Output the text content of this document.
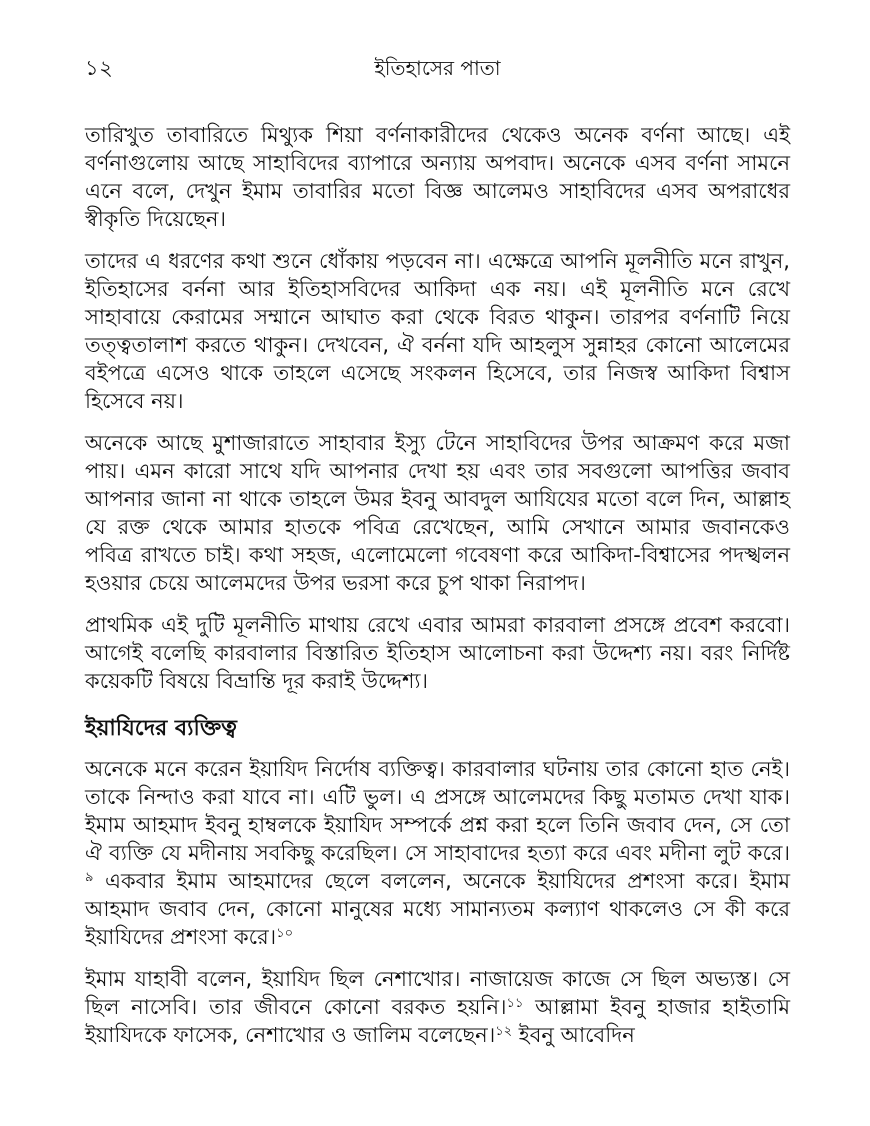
১২	ইতিহাসের পাতা

তারিখুত তাবারিতে মিথ্যুক শিয়া বর্ণনাকারীদের থেকেও অনেক বর্ণনা আছে। এই বর্ণনাগুলোয় আছে সাহাবিদের ব্যাপারে অন্যায় অপবাদ। অনেকে এসব বর্ণনা সামনে এনে বলে, দেখুন ইমাম তাবারির মতো বিজ্ঞ আলেমও সাহাবিদের এসব অপরাধের স্বীকৃতি দিয়েছেন।

তাদের এ ধরণের কথা শুনে ধোঁকায় পড়বেন না। এক্ষেত্রে আপনি মূলনীতি মনে রাখুন, ইতিহাসের বর্ননা আর ইতিহাসবিদের আকিদা এক নয়। এই মূলনীতি মনে রেখে সাহাবায়ে কেরামের সম্মানে আঘাত করা থেকে বিরত থাকুন। তারপর বর্ণনাটি নিয়ে তত্ত্বতালাশ করতে থাকুন। দেখবেন, ঐ বর্ননা যদি আহলুস সুন্নাহর কোনো আলেমের বইপত্রে এসেও থাকে তাহলে এসেছে সংকলন হিসেবে, তার নিজস্ব আকিদা বিশ্বাস হিসেবে নয়।

অনেকে আছে মুশাজারাতে সাহাবার ইস্যু টেনে সাহাবিদের উপর আক্রমণ করে মজা পায়। এমন কারো সাথে যদি আপনার দেখা হয় এবং তার সবগুলো আপত্তির জবাব আপনার জানা না থাকে তাহলে উমর ইবনু আবদুল আযিযের মতো বলে দিন, আল্লাহ যে রক্ত থেকে আমার হাতকে পবিত্র রেখেছেন, আমি সেখানে আমার জবানকেও পবিত্র রাখতে চাই। কথা সহজ, এলোমেলো গবেষণা করে আকিদা-বিশ্বাসের পদস্খলন হওয়ার চেয়ে আলেমদের উপর ভরসা করে চুপ থাকা নিরাপদ।

প্রাথমিক এই দুটি মূলনীতি মাথায় রেখে এবার আমরা কারবালা প্রসঙ্গে প্রবেশ করবো। আগেই বলেছি কারবালার বিস্তারিত ইতিহাস আলোচনা করা উদ্দেশ্য নয়। বরং নির্দিষ্ট কয়েকটি বিষয়ে বিভ্রান্তি দূর করাই উদ্দেশ্য।

ইয়াযিদের ব্যক্তিত্ব

অনেকে মনে করেন ইয়াযিদ নির্দোষ ব্যক্তিত্ব। কারবালার ঘটনায় তার কোনো হাত নেই। তাকে নিন্দাও করা যাবে না। এটি ভুল। এ প্রসঙ্গে আলেমদের কিছু মতামত দেখা যাক। ইমাম আহমাদ ইবনু হাম্বলকে ইয়াযিদ সম্পর্কে প্রশ্ন করা হলে তিনি জবাব দেন, সে তো ঐ ব্যক্তি যে মদীনায় সবকিছু করেছিল। সে সাহাবাদের হত্যা করে এবং মদীনা লুট করে।$^৯$ একবার ইমাম আহমাদের ছেলে বললেন, অনেকে ইয়াযিদের প্রশংসা করে। ইমাম আহমাদ জবাব দেন, কোনো মানুষের মধ্যে সামান্যতম কল্যাণ থাকলেও সে কী করে ইয়াযিদের প্রশংসা করে।$^{১০}$

ইমাম যাহাবী বলেন, ইয়াযিদ ছিল নেশাখোর। নাজায়েজ কাজে সে ছিল অভ্যস্ত। সে ছিল নাসেবি। তার জীবনে কোনো বরকত হয়নি।$^{১১}$ আল্লামা ইবনু হাজার হাইতামি ইয়াযিদকে ফাসেক, নেশাখোর ও জালিম বলেছেন।$^{১২}$ ইবনু আবেদিন
